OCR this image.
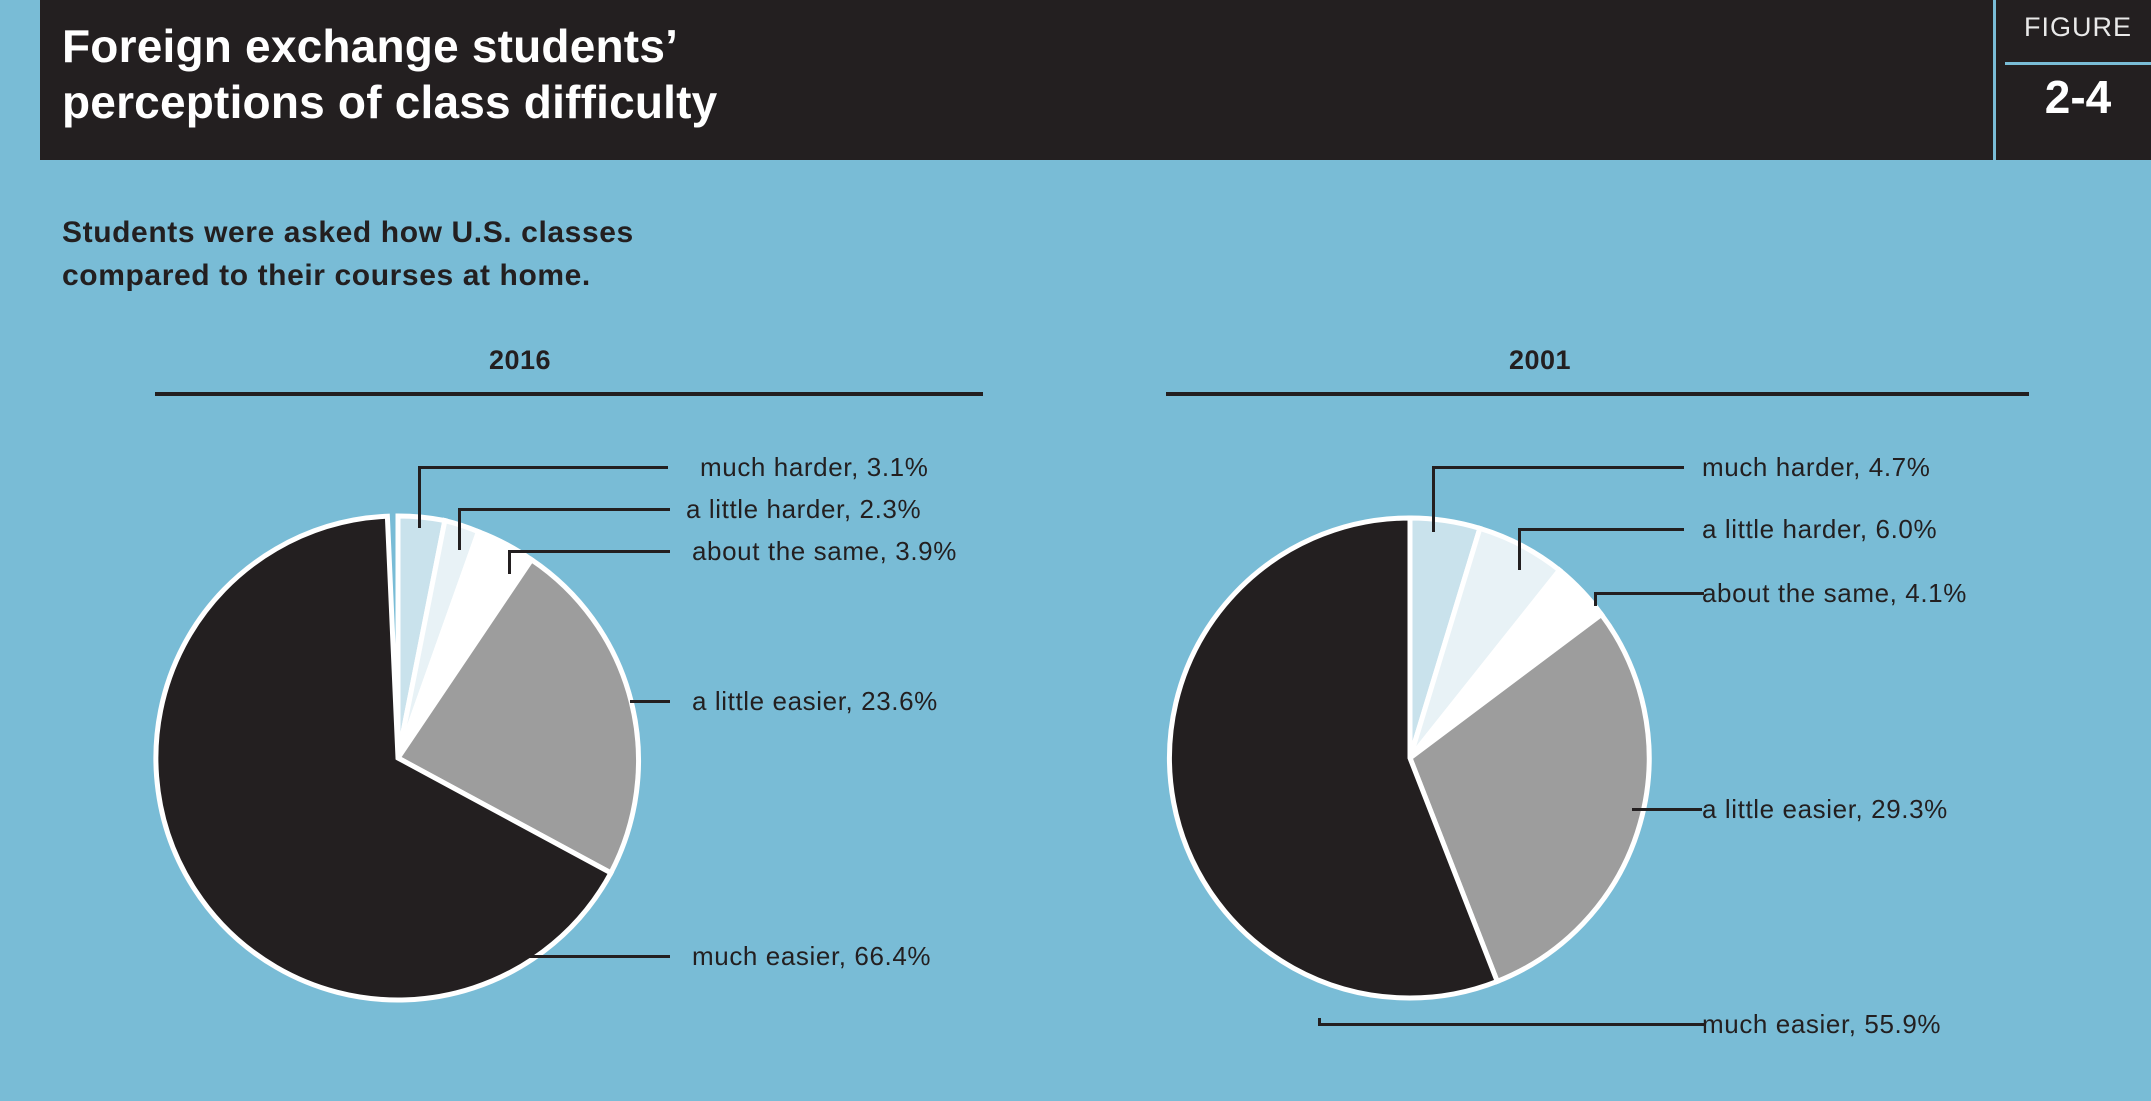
Foreign exchange students’
perceptions of class difficulty
FIGURE
2-4
Students were asked how U.S. classes
compared to their courses at home.
2016
much harder, 3.1%
a little harder, 2.3%
about the same, 3.9%
a little easier, 23.6%
much easier, 66.4%
2001
much harder, 4.7%
a little harder, 6.0%
about the same, 4.1%
a little easier, 29.3%
much easier, 55.9%
